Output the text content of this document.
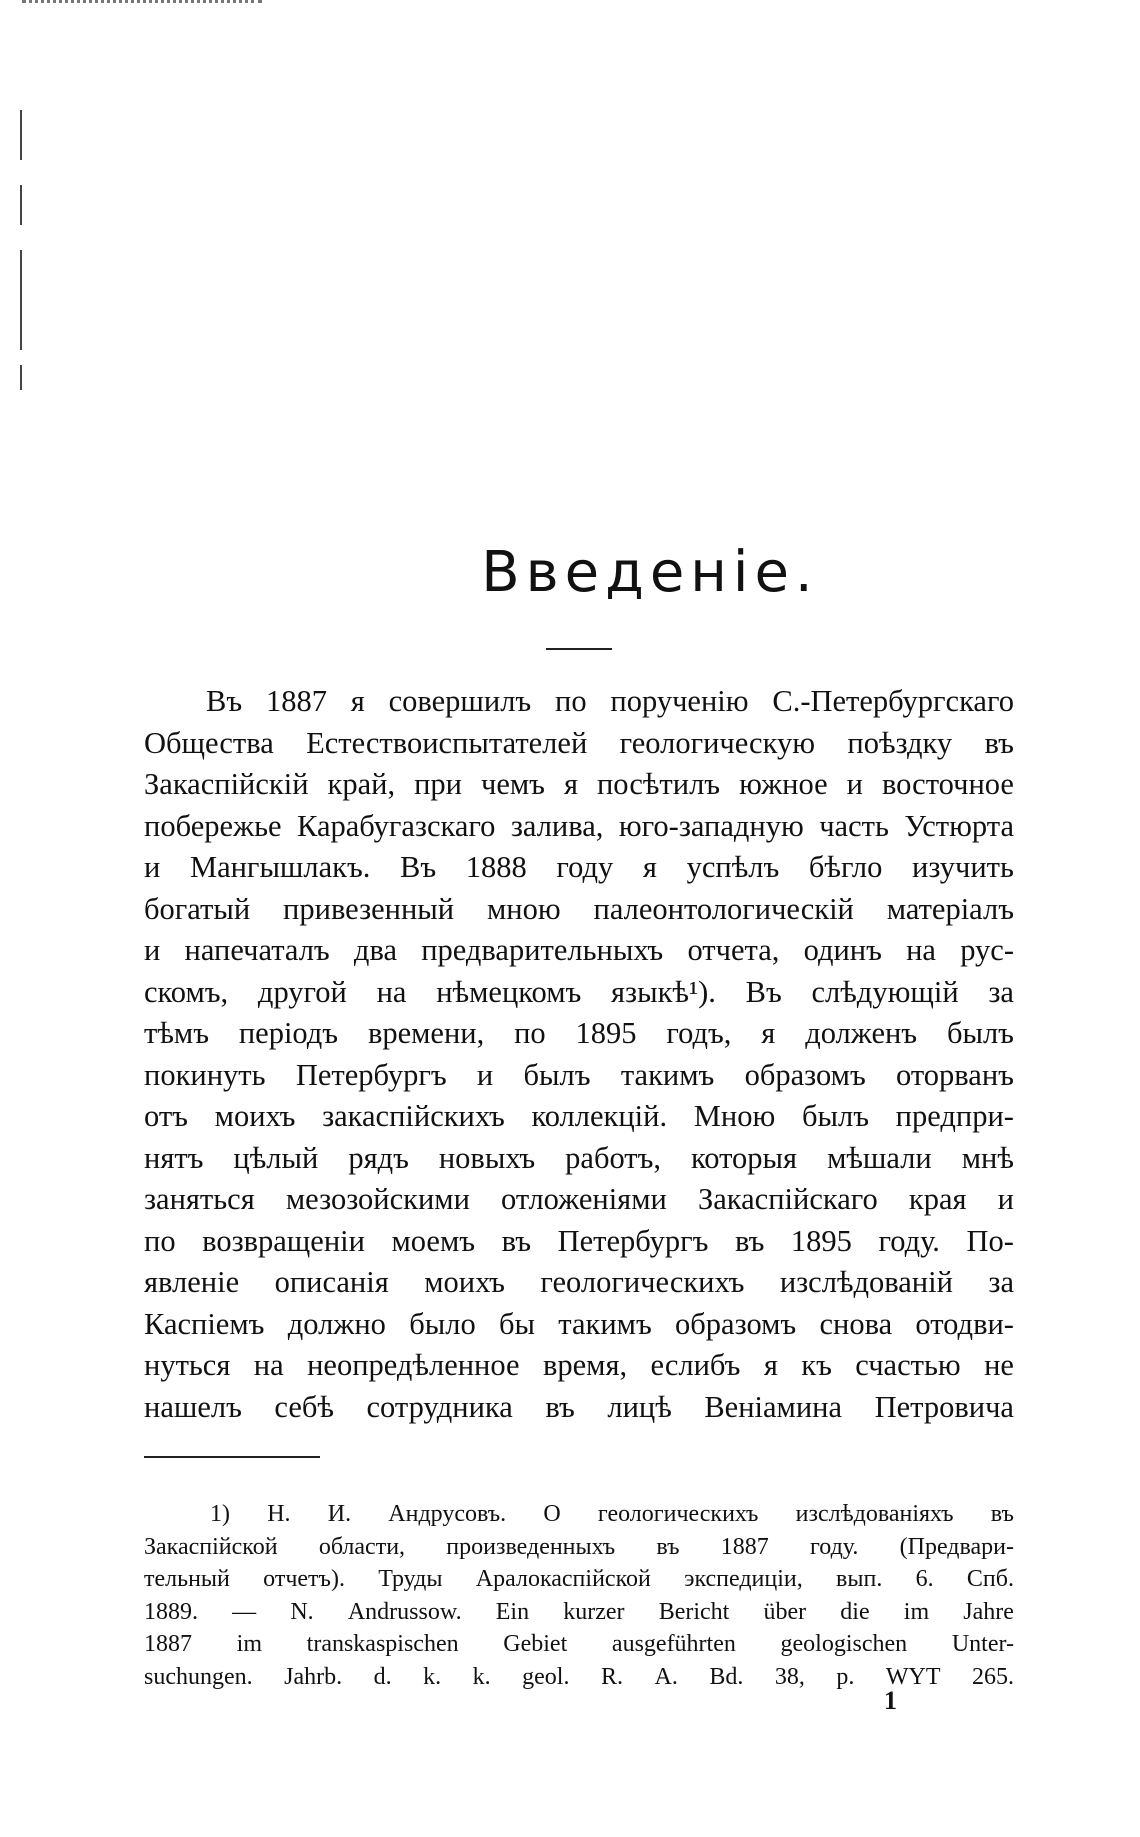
Введеніе.
Въ 1887 я совершилъ по порученію С.-Петербургскаго
Общества Естествоиспытателей геологическую поѣздку въ
Закаспійскій край, при чемъ я посѣтилъ южное и восточное
побережье Карабугазскаго залива, юго-западную часть Устюрта
и Мангышлакъ. Въ 1888 году я успѣлъ бѣгло изучить
богатый привезенный мною палеонтологическій матеріалъ
и напечаталъ два предварительныхъ отчета, одинъ на рус-
скомъ, другой на нѣмецкомъ языкѣ¹). Въ слѣдующій за
тѣмъ періодъ времени, по 1895 годъ, я долженъ былъ
покинуть Петербургъ и былъ такимъ образомъ оторванъ
отъ моихъ закаспійскихъ коллекцій. Мною былъ предпри-
нятъ цѣлый рядъ новыхъ работъ, которыя мѣшали мнѣ
заняться мезозойскими отложеніями Закаспійскаго края и
по возвращеніи моемъ въ Петербургъ въ 1895 году. По-
явленіе описанія моихъ геологическихъ изслѣдованій за
Каспіемъ должно было бы такимъ образомъ снова отодви-
нуться на неопредѣленное время, еслибъ я къ счастью не
нашелъ себѣ сотрудника въ лицѣ Веніамина Петровича
1) Н. И. Андрусовъ. О геологическихъ изслѣдованіяхъ въ
Закаспійской области, произведенныхъ въ 1887 году. (Предвари-
тельный отчетъ). Труды Аралокаспійской экспедиціи, вып. 6. Спб.
1889. — N. Andrussow. Ein kurzer Bericht über die im Jahre
1887 im transkaspischen Gebiet ausgeführten geologischen Unter-
suchungen. Jahrb. d. k. k. geol. R. A. Bd. 38, p. WYT 265.
1
